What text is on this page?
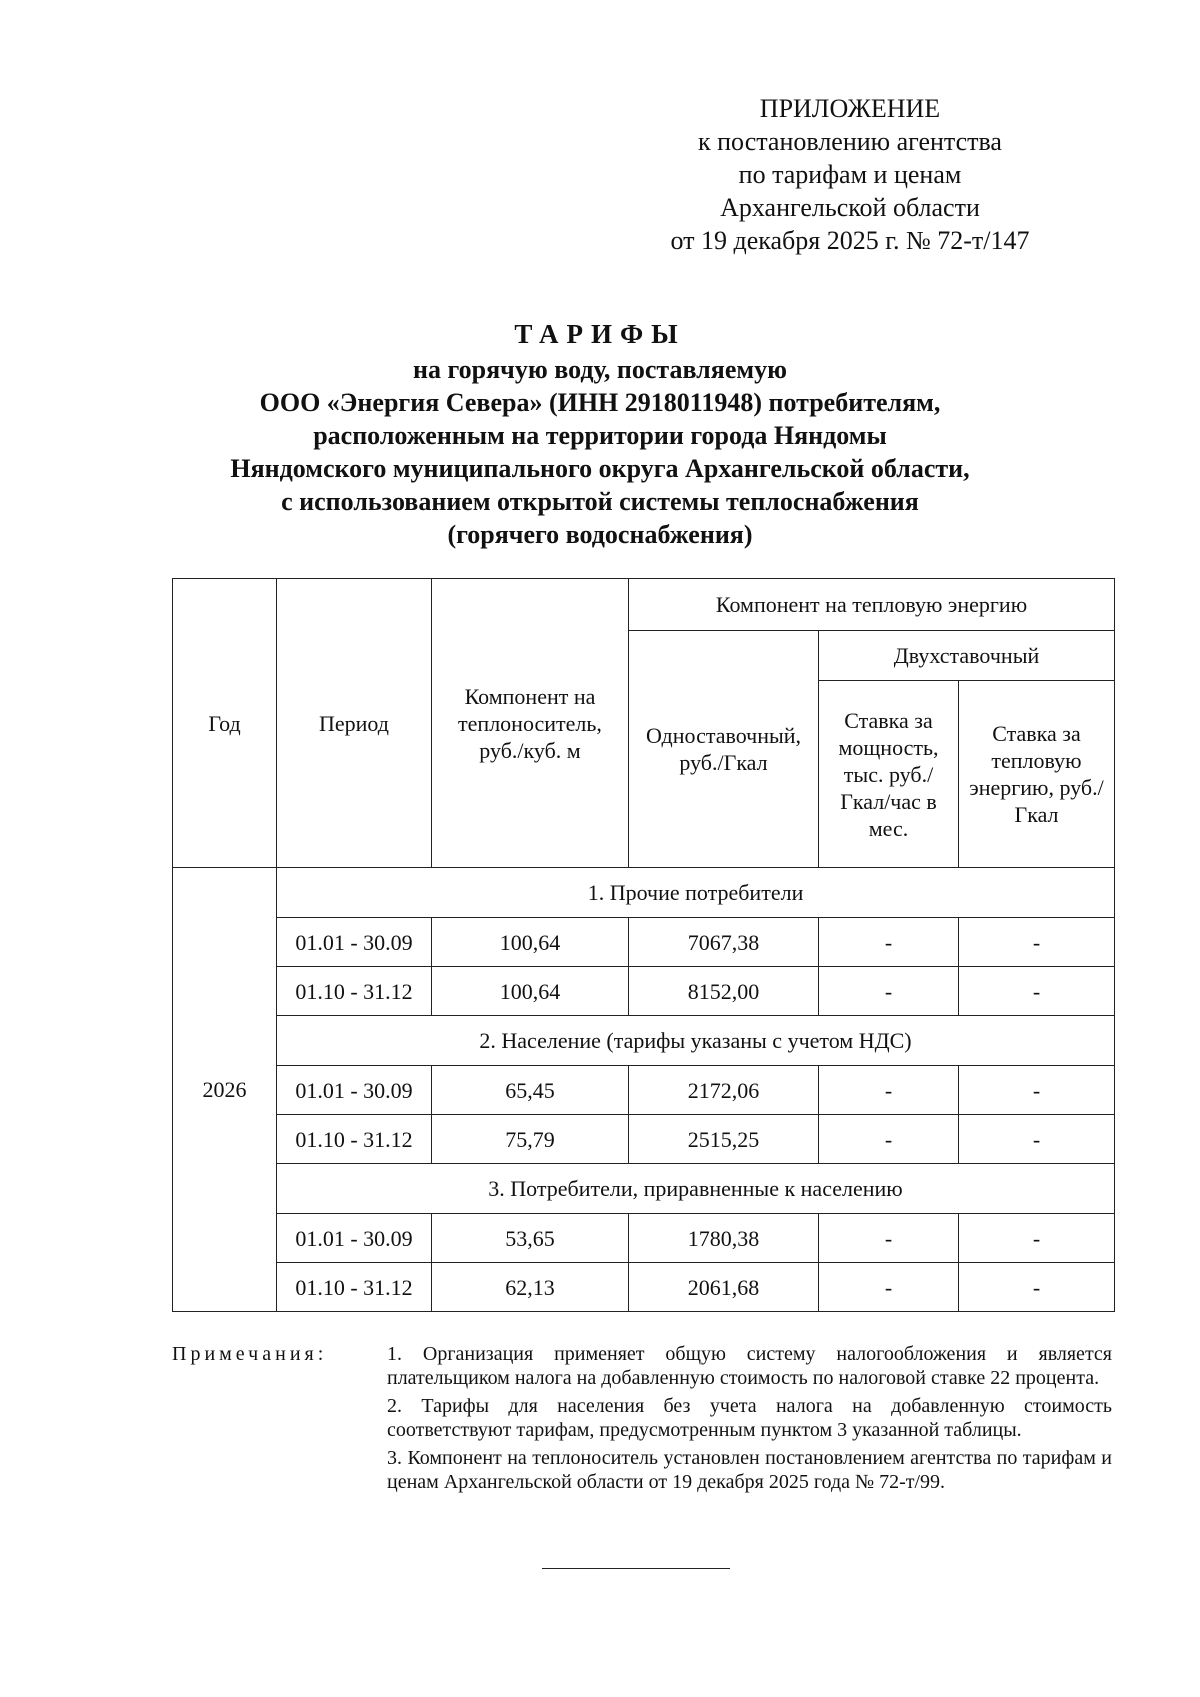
ПРИЛОЖЕНИЕ
к постановлению агентства
по тарифам и ценам
Архангельской области
от 19 декабря 2025 г. № 72-т/147
ТАРИФЫ
на горячую воду, поставляемую
ООО «Энергия Севера» (ИНН 2918011948) потребителям,
расположенным на территории города Няндомы
Няндомского муниципального округа Архангельской области,
с использованием открытой системы теплоснабжения
(горячего водоснабжения)
Год	Период	Компонент на теплоноситель, руб./куб. м	Компонент на тепловую энергию		
			Одноставочный, руб./Гкал	Двухставочный	
				Ставка за мощность, тыс. руб./ Гкал/час в мес.	Ставка за тепловую энергию, руб./Гкал
2026	1. Прочие потребители				
	01.01 - 30.09	100,64	7067,38	-	-
	01.10 - 31.12	100,64	8152,00	-	-
	2. Население (тарифы указаны с учетом НДС)				
	01.01 - 30.09	65,45	2172,06	-	-
	01.10 - 31.12	75,79	2515,25	-	-
	3. Потребители, приравненные к населению				
	01.01 - 30.09	53,65	1780,38	-	-
	01.10 - 31.12	62,13	2061,68	-	-
Примечания:	1. Организация применяет общую систему налогообложения и является плательщиком налога на добавленную стоимость по налоговой ставке 22 процента.
2. Тарифы для населения без учета налога на добавленную стоимость соответствуют тарифам, предусмотренным пунктом 3 указанной таблицы.
3. Компонент на теплоноситель установлен постановлением агентства по тарифам и ценам Архангельской области от 19 декабря 2025 года № 72-т/99.
